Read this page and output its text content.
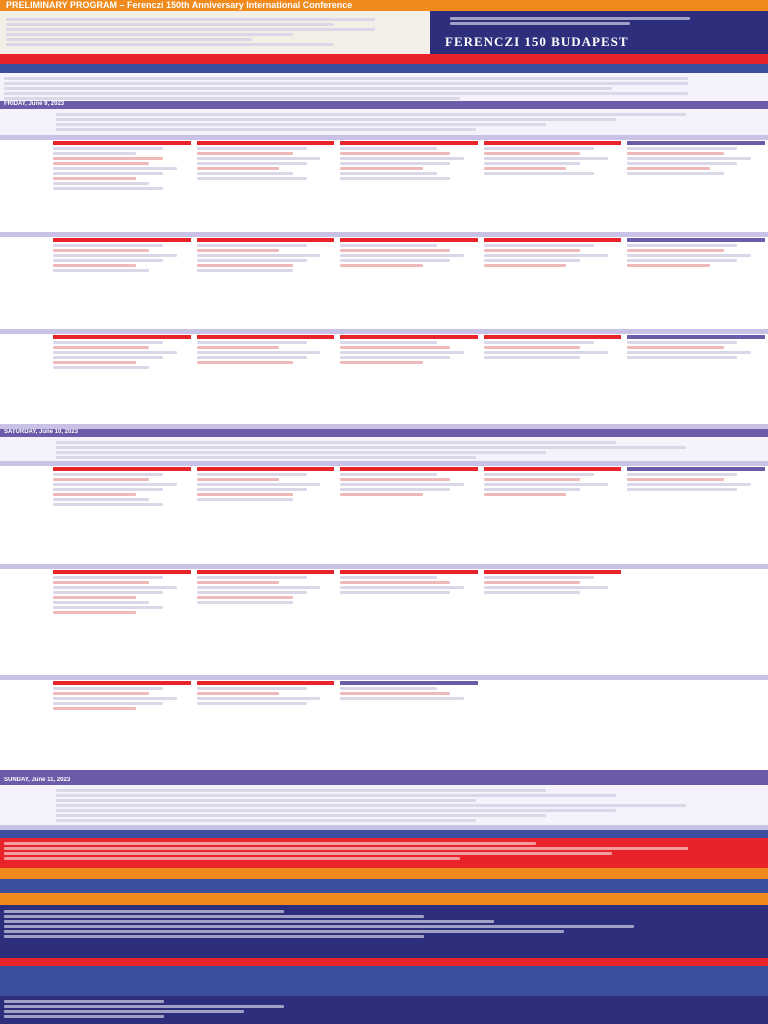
PRELIMINARY PROGRAM – Ferenczi 150th Anniversary International Conference
FERENCZI 150 BUDAPEST
FRIDAY, June 9, 2023
SATURDAY, June 10, 2023
SUNDAY, June 11, 2023
